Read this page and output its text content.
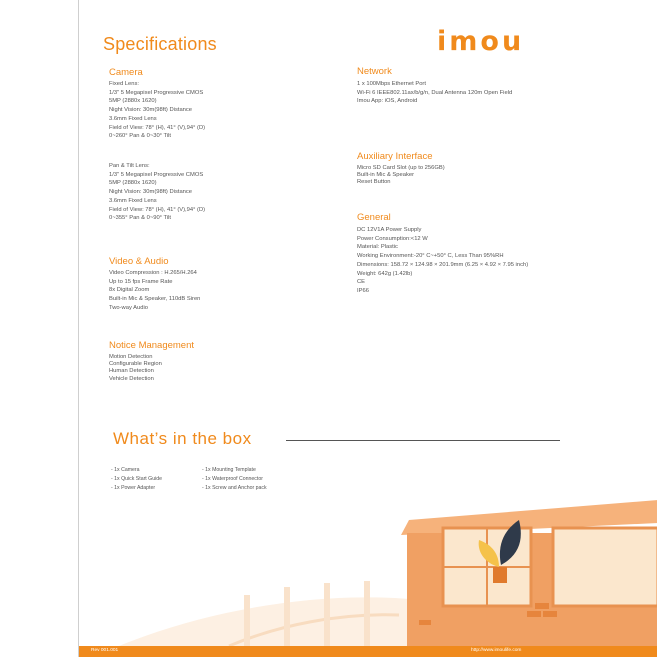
Specifications	imou
Camera
Fixed Lens:
1/3" 5 Megapixel Progressive CMOS
5MP (2880x 1620)
Night Vision: 30m(98ft) Distance
3.6mm Fixed Lens
Field of View: 78° (H), 41° (V),94° (D)
0~260° Pan & 0~30° Tilt
Pan & Tilt Lens:
1/3" 5 Megapixel Progressive CMOS
5MP (2880x 1620)
Night Vision: 30m(98ft) Distance
3.6mm Fixed Lens
Field of View: 78° (H), 41° (V),94° (D)
0~355° Pan & 0~90° Tilt
Video & Audio
Video Compression : H.265/H.264
Up to 15 fps Frame Rate
8x Digital Zoom
Built-in Mic & Speaker, 110dB Siren
Two-way Audio
Notice Management
Motion Detection
Configurable Region
Human Detection
Vehicle Detection
Network
1 x 100Mbps Ethernet Port
Wi-Fi 6 IEEE802.11ax/b/g/n, Dual Antenna 120m Open Field
Imou App: iOS, Android
Auxiliary Interface
Micro SD Card Slot (up to 256GB)
Built-in Mic & Speaker
Reset Button
General
DC 12V1A Power Supply
Power Consumption:<12 W
Material: Plastic
Working Environment:-20° C~+50° C, Less Than 95%RH
Dimensions: 158.72 × 124.98 × 201.9mm (6.25 × 4.92 × 7.95 inch)
Weight: 642g (1.42lb)
CE
IP66
What’s in the box
- 1x Camera
- 1x Quick Start Guide
- 1x Power Adapter
- 1x Mounting Template
- 1x Waterproof Connector
- 1x Screw and Anchor pack
Rev 001.001	http://www.imoulife.com
